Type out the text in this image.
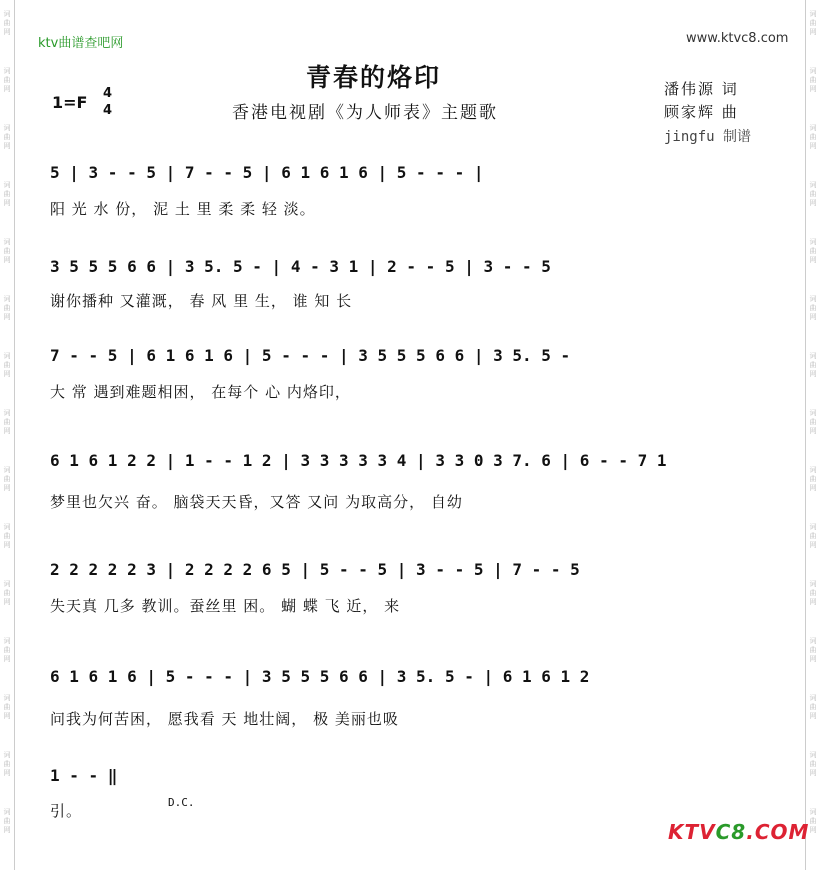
词
曲
网
词
曲
网
词
曲
网
词
曲
网
词
曲
网
词
曲
网
词
曲
网
词
曲
网
词
曲
网
词
曲
网
词
曲
网
词
曲
网
词
曲
网
词
曲
网
词
曲
网
词
曲
网
词
曲
网
词
曲
网
词
曲
网
词
曲
网
词
曲
网
词
曲
网
词
曲
网
词
曲
网
词
曲
网
词
曲
网
词
曲
网
词
曲
网
词
曲
网
词
曲
网
ktv曲谱查吧网	www.ktvc8.com
青春的烙印
香港电视剧《为人师表》主题歌
1=F 4
4
潘伟源 词
顾家辉 曲
jingfu 制谱
5 | 3 - - 5 | 7 - - 5 | 6 1 6 1 6 | 5 - - - |
阳 光 水 份， 泥 土 里 柔 柔 轻 淡。
3 5 5 5 6 6 | 3 5. 5 - | 4 - 3 1 | 2 - - 5 | 3 - - 5
谢你播种 又灌溉， 春 风 里 生， 谁 知 长
7 - - 5 | 6 1 6 1 6 | 5 - - - | 3 5 5 5 6 6 | 3 5. 5 -
大 常 遇到难题相困， 在每个 心 内烙印，
6 1 6 1 2 2 | 1 - - 1 2 | 3 3 3 3 3 4 | 3 3 0 3 7. 6 | 6 - - 7 1
梦里也欠兴 奋。 脑袋天天昏，又答 又问 为取高分， 自幼
2 2 2 2 2 3 | 2 2 2 2 6 5 | 5 - - 5 | 3 - - 5 | 7 - - 5
失天真 几多 教训。蚕丝里 困。 蝴 蝶 飞 近， 来
6 1 6 1 6 | 5 - - - | 3 5 5 5 6 6 | 3 5. 5 - | 6 1 6 1 2
问我为何苦困， 愿我看 天 地壮阔， 极 美丽也吸
1 - - ‖
引。	D.C.
KTVC8.COM
